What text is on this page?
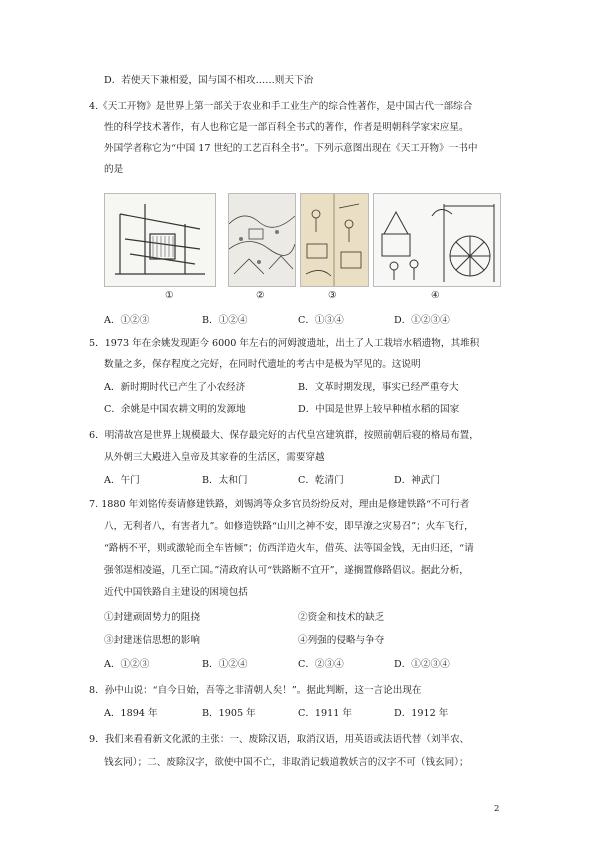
D．若使天下兼相爱，国与国不相攻……则天下治
4.《天工开物》是世界上第一部关于农业和手工业生产的综合性著作，是中国古代一部综合
性的科学技术著作，有人也称它是一部百科全书式的著作，作者是明朝科学家宋应星。
外国学者称它为“中国 17 世纪的工艺百科全书”。下列示意图出现在《天工开物》一书中
的是
①	②	③	④
A．①②③	B．①②④	C．①③④	D．①②③④
5．1973 年在余姚发现距今 6000 年左右的河姆渡遗址，出土了人工栽培水稻遗物，其堆积
数量之多，保存程度之完好，在同时代遗址的考古中是极为罕见的。这说明
A．新时期时代已产生了小农经济	B．文革时期发现，事实已经严重夸大
C．余姚是中国农耕文明的发源地	D．中国是世界上较早种植水稻的国家
6．明清故宫是世界上规模最大、保存最完好的古代皇宫建筑群，按照前朝后寝的格局布置，
从外朝三大殿进入皇帝及其家眷的生活区，需要穿越
A．午门	B．太和门	C．乾清门	D．神武门
7. 1880 年刘铭传奏请修建铁路，刘锡鸿等众多官员纷纷反对，理由是修建铁路“不可行者
八，无利者八，有害者九”。如修造铁路“山川之神不安，即旱潦之灾易召”；火车飞行，
“路柄不平，则或激轮而全车皆倾”；仿西洋造火车，借英、法等国金钱，无由归还，“请
强邻逞相凌逼，几至亡国。”清政府认可“铁路断不宜开”，遂搁置修路倡议。据此分析，
近代中国铁路自主建设的困境包括
①封建顽固势力的阻挠	②资金和技术的缺乏
③封建迷信思想的影响	④列强的侵略与争夺
A．①②③	B．①②④	C．②③④	D．①②③④
8．孙中山说：“自今日始，吾等之非清朝人矣！”。据此判断，这一言论出现在
A．1894 年	B．1905 年	C．1911 年	D．1912 年
9．我们来看看新文化派的主张：一、废除汉语，取消汉语，用英语或法语代替（刘半农、
钱玄同）；二、废除汉字，欲使中国不亡，非取消记载道教妖言的汉字不可（钱玄同）；
2
